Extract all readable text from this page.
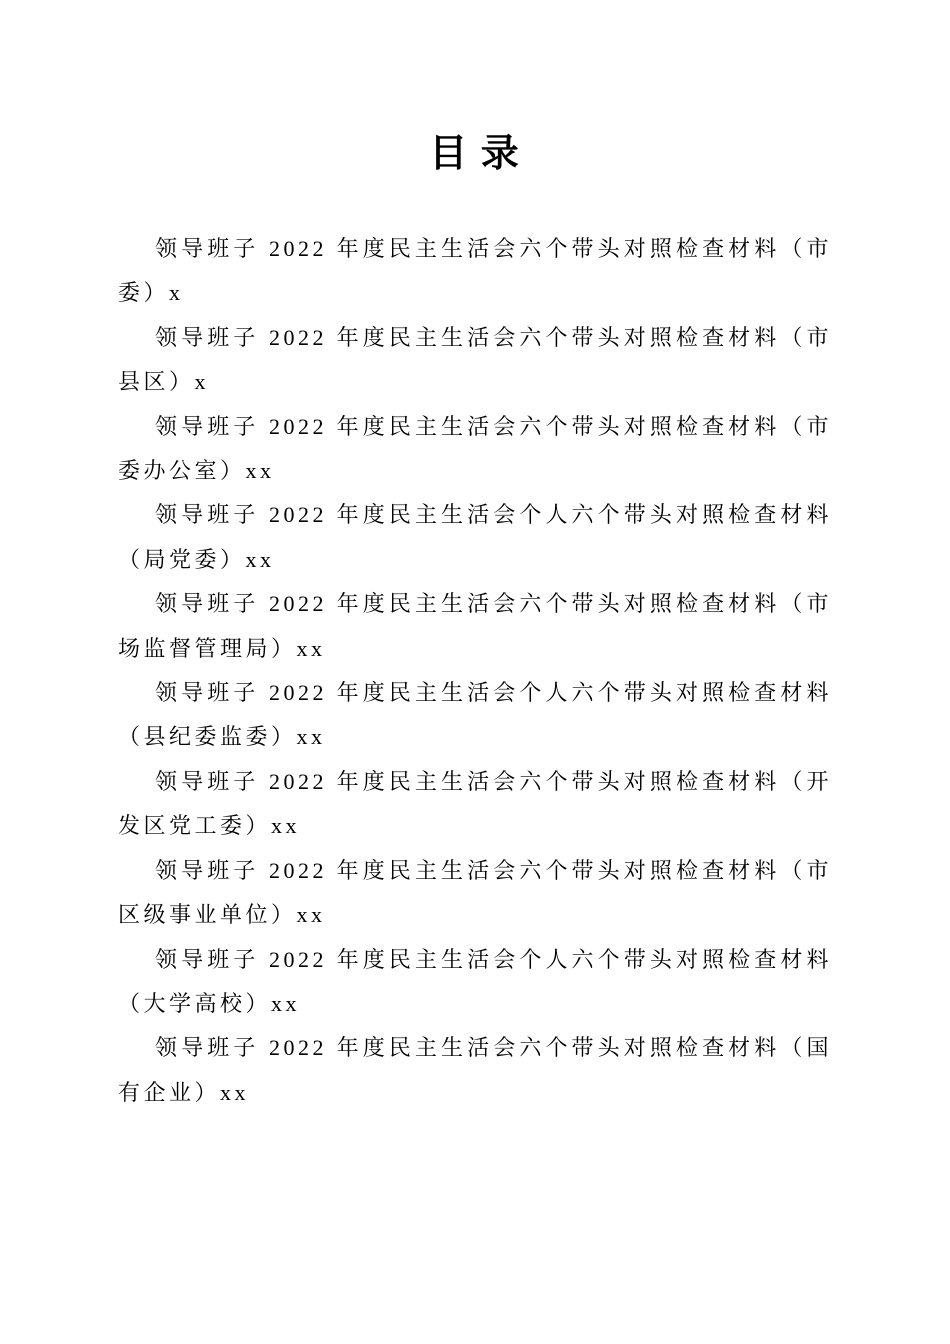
目 录

领导班子 2022 年度民主生活会六个带头对照检查材料（市委）x

领导班子 2022 年度民主生活会六个带头对照检查材料（市县区）x

领导班子 2022 年度民主生活会六个带头对照检查材料（市委办公室）xx

领导班子 2022 年度民主生活会个人六个带头对照检查材料（局党委）xx

领导班子 2022 年度民主生活会六个带头对照检查材料（市场监督管理局）xx

领导班子 2022 年度民主生活会个人六个带头对照检查材料（县纪委监委）xx

领导班子 2022 年度民主生活会六个带头对照检查材料（开发区党工委）xx

领导班子 2022 年度民主生活会六个带头对照检查材料（市区级事业单位）xx

领导班子 2022 年度民主生活会个人六个带头对照检查材料（大学高校）xx

领导班子 2022 年度民主生活会六个带头对照检查材料（国有企业）xx
